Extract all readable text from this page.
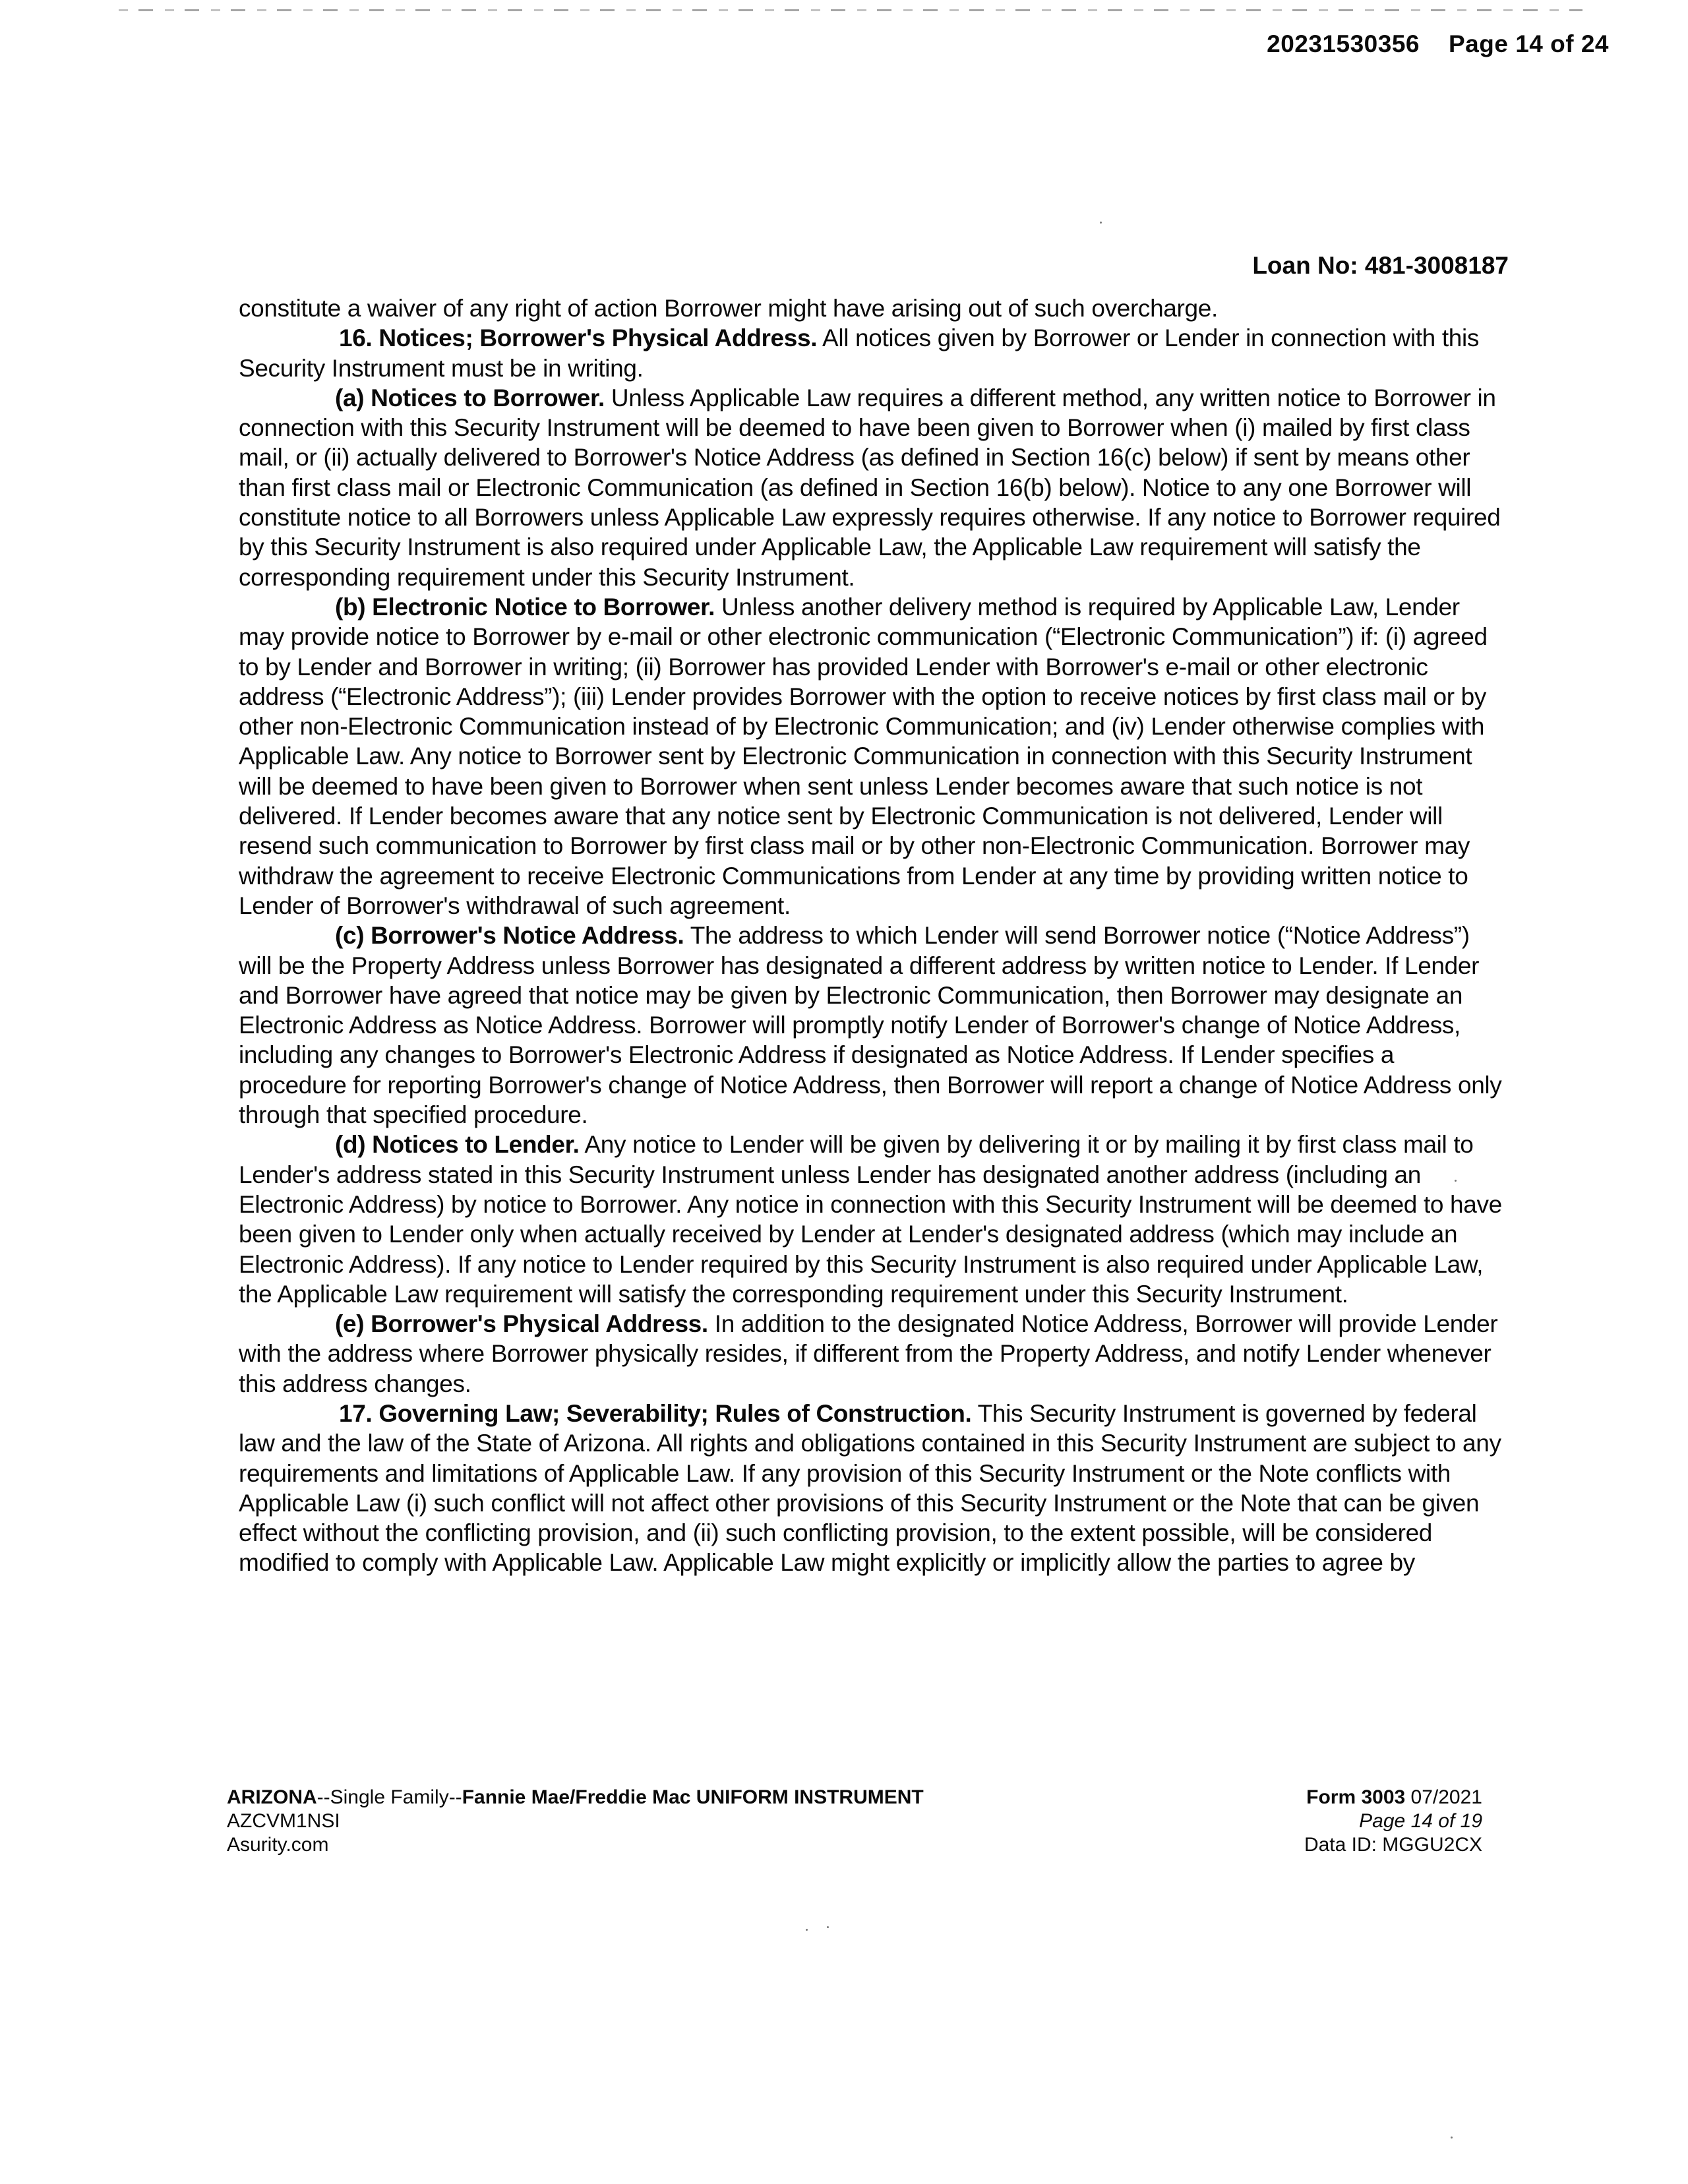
20231530356 Page 14 of 24
Loan No: 481-3008187

constitute a waiver of any right of action Borrower might have arising out of such overcharge.

16. Notices; Borrower's Physical Address. All notices given by Borrower or Lender in connection with this Security Instrument must be in writing.

(a) Notices to Borrower. Unless Applicable Law requires a different method, any written notice to Borrower in connection with this Security Instrument will be deemed to have been given to Borrower when (i) mailed by first class mail, or (ii) actually delivered to Borrower's Notice Address (as defined in Section 16(c) below) if sent by means other than first class mail or Electronic Communication (as defined in Section 16(b) below). Notice to any one Borrower will constitute notice to all Borrowers unless Applicable Law expressly requires otherwise. If any notice to Borrower required by this Security Instrument is also required under Applicable Law, the Applicable Law requirement will satisfy the corresponding requirement under this Security Instrument.

(b) Electronic Notice to Borrower. Unless another delivery method is required by Applicable Law, Lender may provide notice to Borrower by e-mail or other electronic communication (“Electronic Communication”) if: (i) agreed to by Lender and Borrower in writing; (ii) Borrower has provided Lender with Borrower's e-mail or other electronic address (“Electronic Address”); (iii) Lender provides Borrower with the option to receive notices by first class mail or by other non-Electronic Communication instead of by Electronic Communication; and (iv) Lender otherwise complies with Applicable Law. Any notice to Borrower sent by Electronic Communication in connection with this Security Instrument will be deemed to have been given to Borrower when sent unless Lender becomes aware that such notice is not delivered. If Lender becomes aware that any notice sent by Electronic Communication is not delivered, Lender will resend such communication to Borrower by first class mail or by other non-Electronic Communication. Borrower may withdraw the agreement to receive Electronic Communications from Lender at any time by providing written notice to Lender of Borrower's withdrawal of such agreement.

(c) Borrower's Notice Address. The address to which Lender will send Borrower notice (“Notice Address”) will be the Property Address unless Borrower has designated a different address by written notice to Lender. If Lender and Borrower have agreed that notice may be given by Electronic Communication, then Borrower may designate an Electronic Address as Notice Address. Borrower will promptly notify Lender of Borrower's change of Notice Address, including any changes to Borrower's Electronic Address if designated as Notice Address. If Lender specifies a procedure for reporting Borrower's change of Notice Address, then Borrower will report a change of Notice Address only through that specified procedure.

(d) Notices to Lender. Any notice to Lender will be given by delivering it or by mailing it by first class mail to Lender's address stated in this Security Instrument unless Lender has designated another address (including an Electronic Address) by notice to Borrower. Any notice in connection with this Security Instrument will be deemed to have been given to Lender only when actually received by Lender at Lender's designated address (which may include an Electronic Address). If any notice to Lender required by this Security Instrument is also required under Applicable Law, the Applicable Law requirement will satisfy the corresponding requirement under this Security Instrument.

(e) Borrower's Physical Address. In addition to the designated Notice Address, Borrower will provide Lender with the address where Borrower physically resides, if different from the Property Address, and notify Lender whenever this address changes.

17. Governing Law; Severability; Rules of Construction. This Security Instrument is governed by federal law and the law of the State of Arizona. All rights and obligations contained in this Security Instrument are subject to any requirements and limitations of Applicable Law. If any provision of this Security Instrument or the Note conflicts with Applicable Law (i) such conflict will not affect other provisions of this Security Instrument or the Note that can be given effect without the conflicting provision, and (ii) such conflicting provision, to the extent possible, will be considered modified to comply with Applicable Law. Applicable Law might explicitly or implicitly allow the parties to agree by

ARIZONA--Single Family--Fannie Mae/Freddie Mac UNIFORM INSTRUMENT
AZCVM1NSI
Asurity.com
Form 3003 07/2021
Page 14 of 19
Data ID: MGGU2CX
